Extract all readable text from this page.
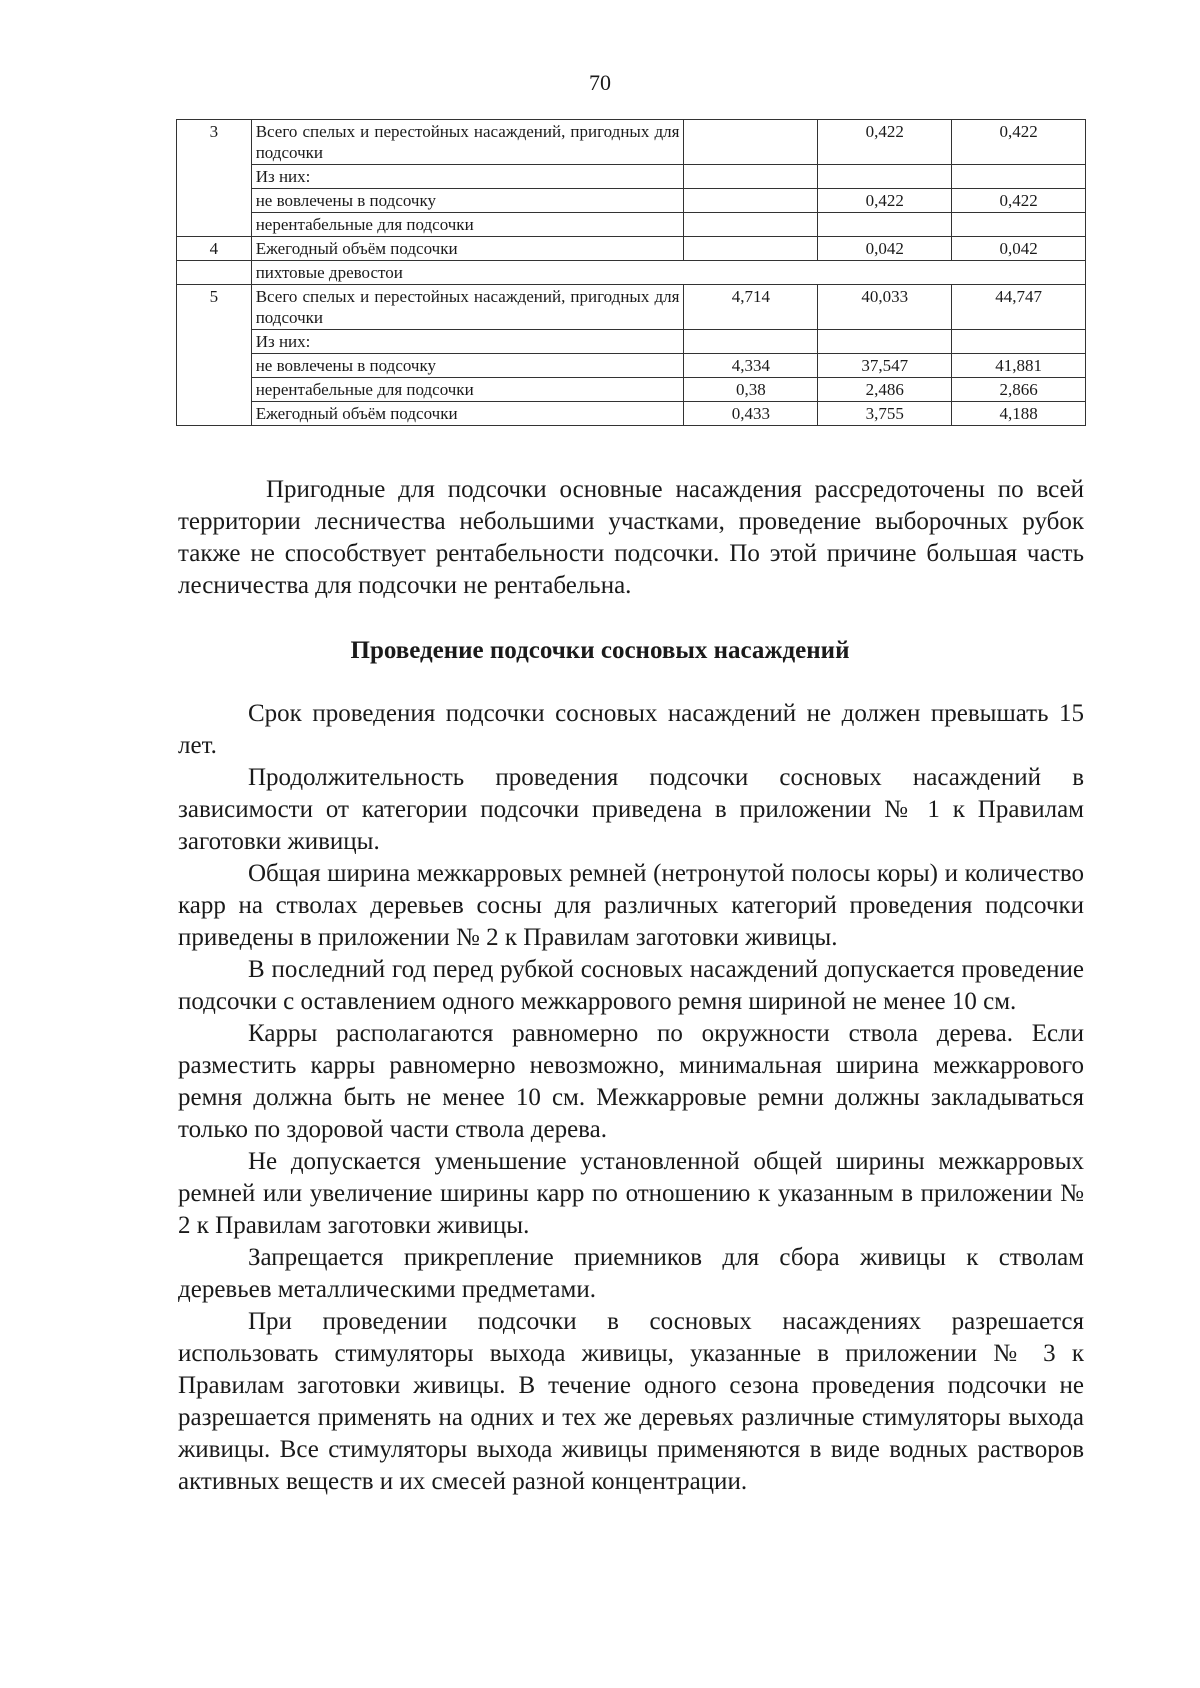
70
3	Всего спелых и перестойных насаждений, пригодных для подсочки		0,422	0,422
	Из них:			
	не вовлечены в подсочку		0,422	0,422
	нерентабельные для подсочки			
4	Ежегодный объём подсочки		0,042	0,042
	пихтовые древостои			
5	Всего спелых и перестойных насаждений, пригодных для подсочки	4,714	40,033	44,747
	Из них:			
	не вовлечены в подсочку	4,334	37,547	41,881
	нерентабельные для подсочки	0,38	2,486	2,866
	Ежегодный объём подсочки	0,433	3,755	4,188

Пригодные для подсочки основные насаждения рассредоточены по всей территории лесничества небольшими участками, проведение выборочных рубок также не способствует рентабельности подсочки. По этой причине большая часть лесничества для подсочки не рентабельна.

Проведение подсочки сосновых насаждений

Срок проведения подсочки сосновых насаждений не должен превышать 15 лет.

Продолжительность проведения подсочки сосновых насаждений в зависимости от категории подсочки приведена в приложении № 1 к Правилам заготовки живицы.

Общая ширина межкарровых ремней (нетронутой полосы коры) и количество карр на стволах деревьев сосны для различных категорий проведения подсочки приведены в приложении № 2 к Правилам заготовки живицы.

В последний год перед рубкой сосновых насаждений допускается проведение подсочки с оставлением одного межкаррового ремня шириной не менее 10 см.

Карры располагаются равномерно по окружности ствола дерева. Если разместить карры равномерно невозможно, минимальная ширина межкаррового ремня должна быть не менее 10 см. Межкарровые ремни должны закладываться только по здоровой части ствола дерева.

Не допускается уменьшение установленной общей ширины межкарровых ремней или увеличение ширины карр по отношению к указанным в приложении № 2 к Правилам заготовки живицы.

Запрещается прикрепление приемников для сбора живицы к стволам деревьев металлическими предметами.

При проведении подсочки в сосновых насаждениях разрешается использовать стимуляторы выхода живицы, указанные в приложении № 3 к Правилам заготовки живицы. В течение одного сезона проведения подсочки не разрешается применять на одних и тех же деревьях различные стимуляторы выхода живицы. Все стимуляторы выхода живицы применяются в виде водных растворов активных веществ и их смесей разной концентрации.
